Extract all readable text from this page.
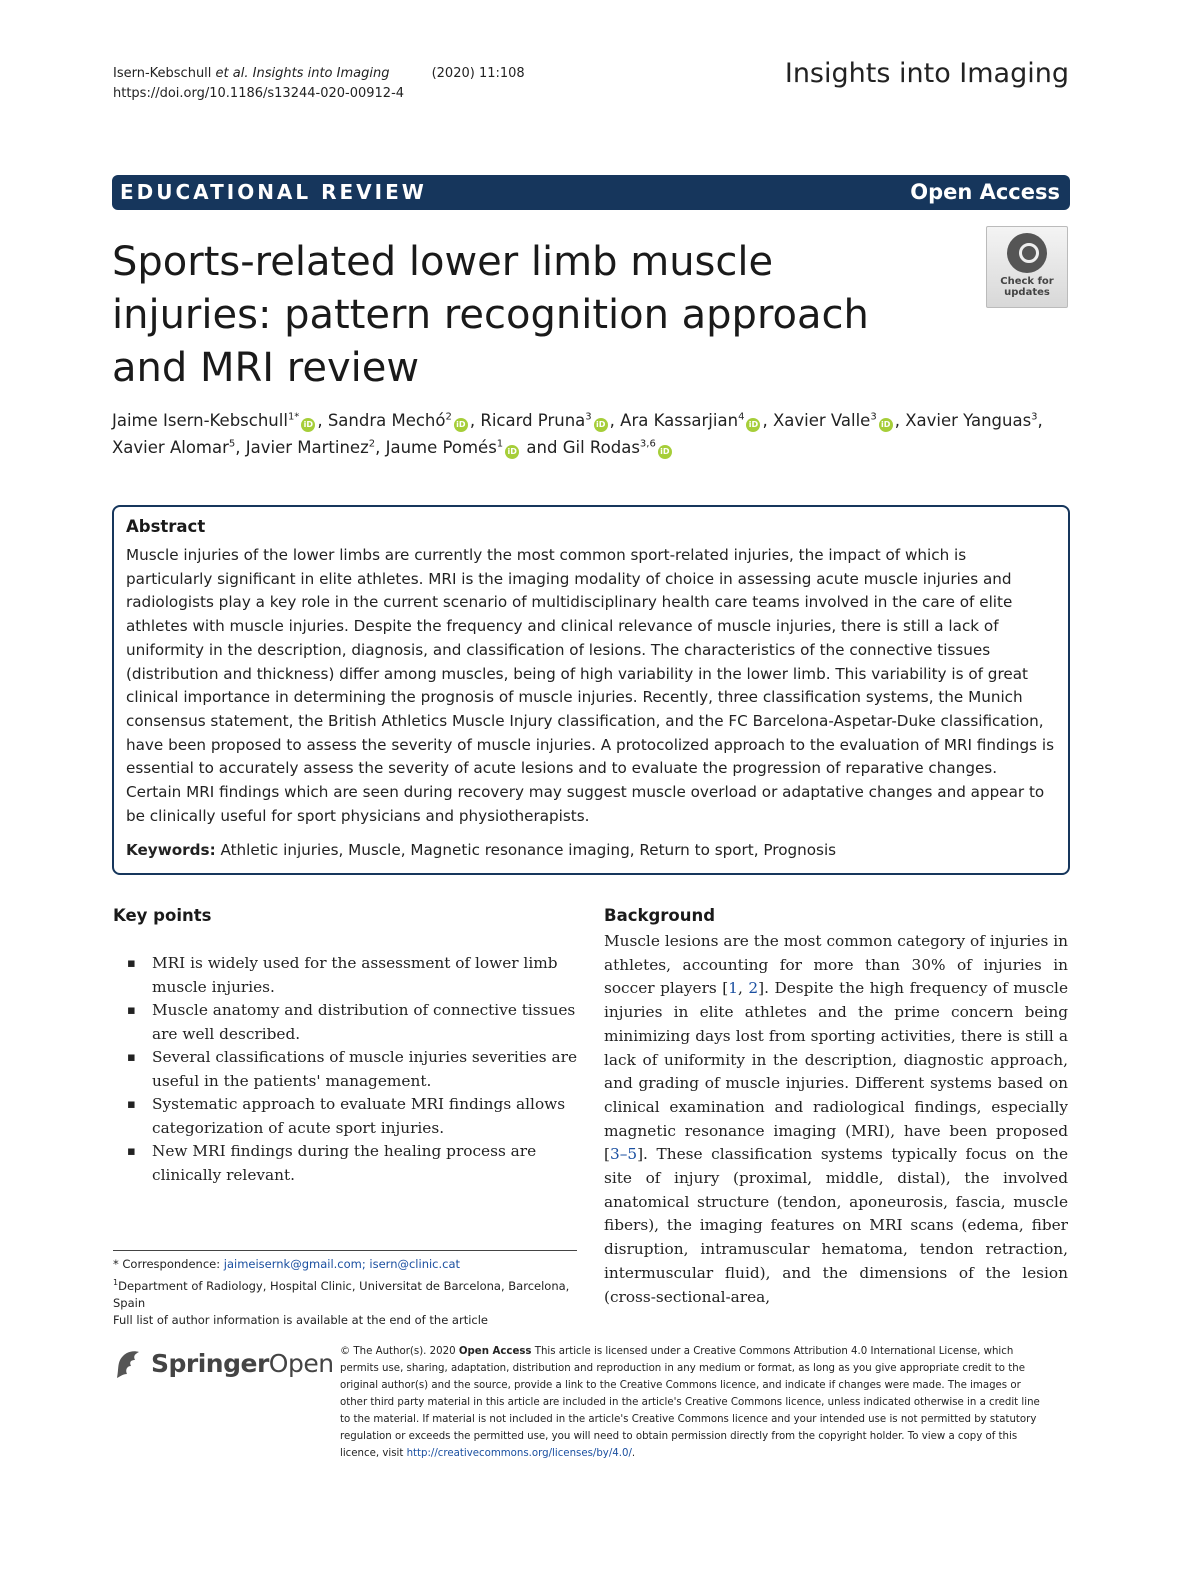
Isern-Kebschull et al. Insights into Imaging	(2020) 11:108
https://doi.org/10.1186/s13244-020-00912-4
Insights into Imaging
EDUCATIONAL REVIEW	Open Access
Sports-related lower limb muscle injuries: pattern recognition approach and MRI review
Check for
updates
Jaime Isern-Kebschull$^{1*}$iD , Sandra Mechó$^2$iD , Ricard Pruna$^3$iD , Ara Kassarjian$^4$iD , Xavier Valle$^3$iD , Xavier Yanguas$^3$, Xavier Alomar$^5$, Javier Martinez$^2$, Jaume Pomés$^1$iD and Gil Rodas$^{3,6}$iD
Abstract

Muscle injuries of the lower limbs are currently the most common sport-related injuries, the impact of which is particularly significant in elite athletes. MRI is the imaging modality of choice in assessing acute muscle injuries and radiologists play a key role in the current scenario of multidisciplinary health care teams involved in the care of elite athletes with muscle injuries. Despite the frequency and clinical relevance of muscle injuries, there is still a lack of uniformity in the description, diagnosis, and classification of lesions. The characteristics of the connective tissues (distribution and thickness) differ among muscles, being of high variability in the lower limb. This variability is of great clinical importance in determining the prognosis of muscle injuries. Recently, three classification systems, the Munich consensus statement, the British Athletics Muscle Injury classification, and the FC Barcelona-Aspetar-Duke classification, have been proposed to assess the severity of muscle injuries. A protocolized approach to the evaluation of MRI findings is essential to accurately assess the severity of acute lesions and to evaluate the progression of reparative changes. Certain MRI findings which are seen during recovery may suggest muscle overload or adaptative changes and appear to be clinically useful for sport physicians and physiotherapists.

Keywords: Athletic injuries, Muscle, Magnetic resonance imaging, Return to sport, Prognosis

Key points
▪ MRI is widely used for the assessment of lower limb muscle injuries.
▪ Muscle anatomy and distribution of connective tissues are well described.
▪ Several classifications of muscle injuries severities are useful in the patients' management.
▪ Systematic approach to evaluate MRI findings allows categorization of acute sport injuries.
▪ New MRI findings during the healing process are clinically relevant.
* Correspondence: jaimeisernk@gmail.com; isern@clinic.cat
$^1$Department of Radiology, Hospital Clinic, Universitat de Barcelona, Barcelona, Spain
Full list of author information is available at the end of the article
Background

Muscle lesions are the most common category of injuries in athletes, accounting for more than 30% of injuries in soccer players [1, 2]. Despite the high frequency of muscle injuries in elite athletes and the prime concern being minimizing days lost from sporting activities, there is still a lack of uniformity in the description, diagnostic approach, and grading of muscle injuries. Different systems based on clinical examination and radiological findings, especially magnetic resonance imaging (MRI), have been proposed [3–5]. These classification systems typically focus on the site of injury (proximal, middle, distal), the involved anatomical structure (tendon, aponeurosis, fascia, muscle fibers), the imaging features on MRI scans (edema, fiber disruption, intramuscular hematoma, tendon retraction, intermuscular fluid), and the dimensions of the lesion (cross-sectional-area,

SpringerOpen © The Author(s). 2020 Open Access This article is licensed under a Creative Commons Attribution 4.0 International License, which permits use, sharing, adaptation, distribution and reproduction in any medium or format, as long as you give appropriate credit to the original author(s) and the source, provide a link to the Creative Commons licence, and indicate if changes were made. The images or other third party material in this article are included in the article's Creative Commons licence, unless indicated otherwise in a credit line to the material. If material is not included in the article's Creative Commons licence and your intended use is not permitted by statutory regulation or exceeds the permitted use, you will need to obtain permission directly from the copyright holder. To view a copy of this licence, visit http://creativecommons.org/licenses/by/4.0/.
